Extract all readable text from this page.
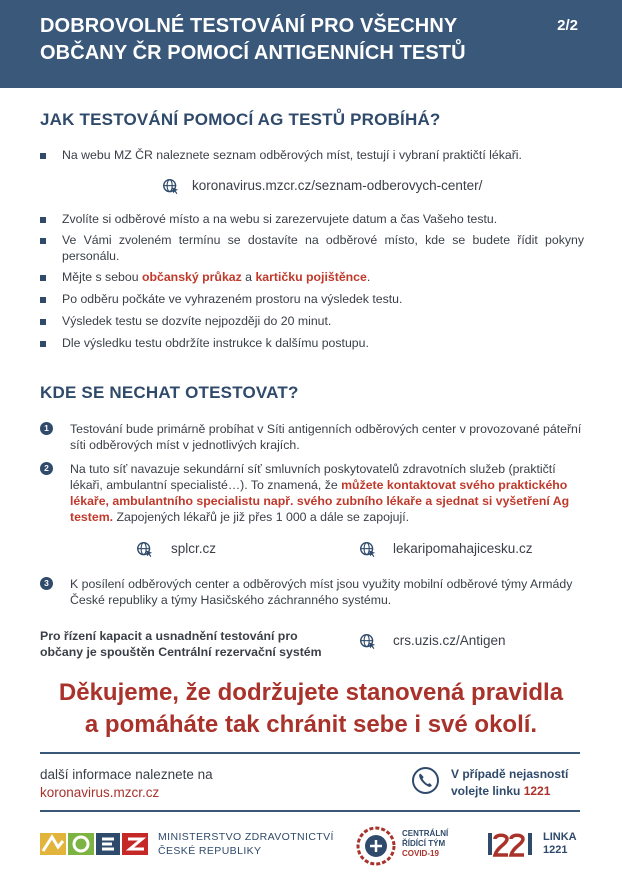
DOBROVOLNÉ TESTOVÁNÍ PRO VŠECHNY
OBČANY ČR POMOCÍ ANTIGENNÍCH TESTŮ
2/2
JAK TESTOVÁNÍ POMOCÍ AG TESTŮ PROBÍHÁ?
Na webu MZ ČR naleznete seznam odběrových míst, testují i vybraní praktičtí lékaři.
koronavirus.mzcr.cz/seznam-odberovych-center/
Zvolíte si odběrové místo a na webu si zarezervujete datum a čas Vašeho testu.
Ve Vámi zvoleném termínu se dostavíte na odběrové místo, kde se budete řídit pokyny personálu.
Mějte s sebou občanský průkaz a kartičku pojištěnce.
Po odběru počkáte ve vyhrazeném prostoru na výsledek testu.
Výsledek testu se dozvíte nejpozději do 20 minut.
Dle výsledku testu obdržíte instrukce k dalšímu postupu.
KDE SE NECHAT OTESTOVAT?
1	Testování bude primárně probíhat v Síti antigenních odběrových center v provozované páteřní síti odběrových míst v jednotlivých krajích.
2	Na tuto síť navazuje sekundární síť smluvních poskytovatelů zdravotních služeb (praktičtí lékaři, ambulantní specialisté…). To znamená, že můžete kontaktovat svého praktického lékaře, ambulantního specialistu např. svého zubního lékaře a sjednat si vyšetření Ag testem. Zapojených lékařů je již přes 1 000 a dále se zapojují.
splcr.cz	lekaripomahajicesku.cz
3	K posílení odběrových center a odběrových míst jsou využity mobilní odběrové týmy Armády České republiky a týmy Hasičského záchranného systému.
Pro řízení kapacit a usnadnění testování pro občany je spouštěn Centrální rezervační systém
crs.uzis.cz/Antigen
Děkujeme, že dodržujete stanovená pravidla
a pomáháte tak chránit sebe i své okolí.
další informace naleznete na
koronavirus.mzcr.cz
V případě nejasností
volejte linku 1221
MINISTERSTVO ZDRAVOTNICTVÍ
ČESKÉ REPUBLIKY
CENTRÁLNÍ
ŘÍDÍCÍ TÝM
COVID-19
LINKA
1221
